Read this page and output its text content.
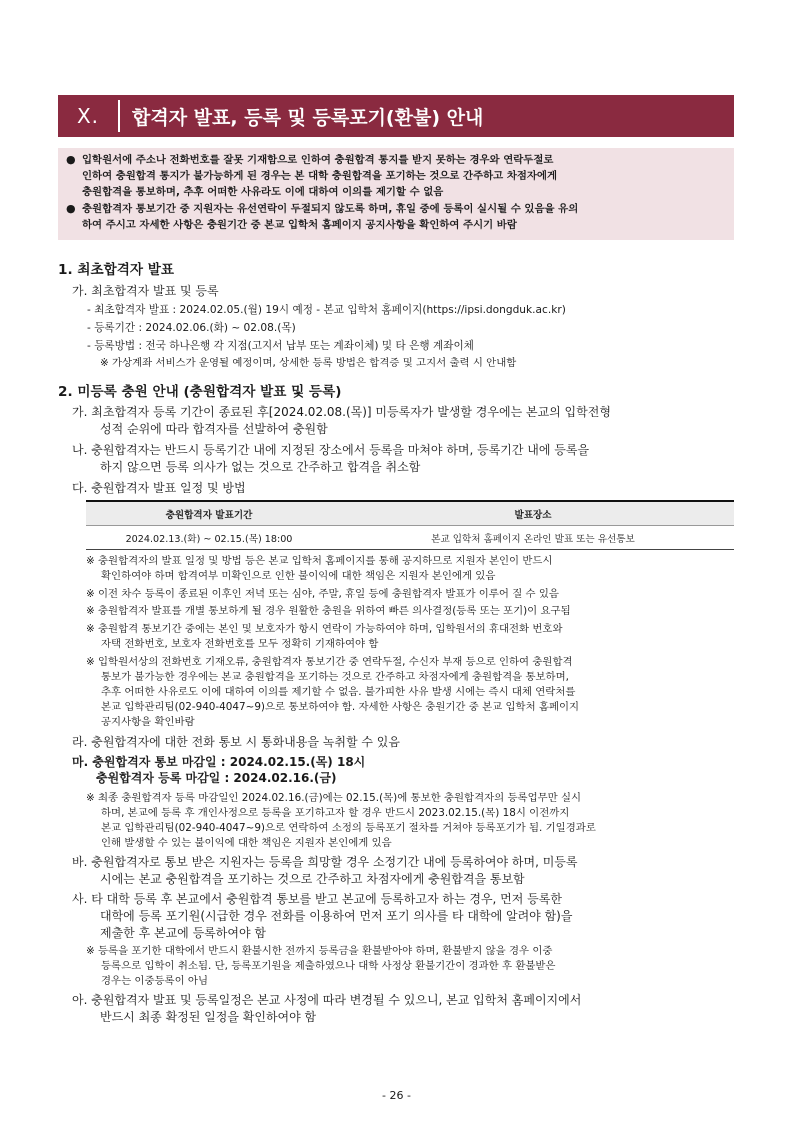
X.	합격자 발표, 등록 및 등록포기(환불) 안내
● 입학원서에 주소나 전화번호를 잘못 기재함으로 인하여 충원합격 통지를 받지 못하는 경우와 연락두절로
인하여 충원합격 통지가 불가능하게 된 경우는 본 대학 충원합격을 포기하는 것으로 간주하고 차점자에게
충원합격을 통보하며, 추후 어떠한 사유라도 이에 대하여 이의를 제기할 수 없음
● 충원합격자 통보기간 중 지원자는 유선연락이 두절되지 않도록 하며, 휴일 중에 등록이 실시될 수 있음을 유의
하여 주시고 자세한 사항은 충원기간 중 본교 입학처 홈페이지 공지사항을 확인하여 주시기 바람
1. 최초합격자 발표
가. 최초합격자 발표 및 등록
- 최초합격자 발표 : 2024.02.05.(월) 19시 예정 - 본교 입학처 홈페이지(https://ipsi.dongduk.ac.kr)
- 등록기간 : 2024.02.06.(화) ~ 02.08.(목)
- 등록방법 : 전국 하나은행 각 지점(고지서 납부 또는 계좌이체) 및 타 은행 계좌이체
※ 가상계좌 서비스가 운영될 예정이며, 상세한 등록 방법은 합격증 및 고지서 출력 시 안내함
2. 미등록 충원 안내 (충원합격자 발표 및 등록)
가. 최초합격자 등록 기간이 종료된 후[2024.02.08.(목)] 미등록자가 발생할 경우에는 본교의 입학전형
성적 순위에 따라 합격자를 선발하여 충원함
나. 충원합격자는 반드시 등록기간 내에 지정된 장소에서 등록을 마쳐야 하며, 등록기간 내에 등록을
하지 않으면 등록 의사가 없는 것으로 간주하고 합격을 취소함
다. 충원합격자 발표 일정 및 방법
충원합격자 발표기간	발표장소
2024.02.13.(화) ~ 02.15.(목) 18:00	본교 입학처 홈페이지 온라인 발표 또는 유선통보
※ 충원합격자의 발표 일정 및 방법 등은 본교 입학처 홈페이지를 통해 공지하므로 지원자 본인이 반드시
확인하여야 하며 합격여부 미확인으로 인한 불이익에 대한 책임은 지원자 본인에게 있음
※ 이전 차수 등록이 종료된 이후인 저녁 또는 심야, 주말, 휴일 등에 충원합격자 발표가 이루어 질 수 있음
※ 충원합격자 발표를 개별 통보하게 될 경우 원활한 충원을 위하여 빠른 의사결정(등록 또는 포기)이 요구됨
※ 충원합격 통보기간 중에는 본인 및 보호자가 항시 연락이 가능하여야 하며, 입학원서의 휴대전화 번호와
자택 전화번호, 보호자 전화번호를 모두 정확히 기재하여야 함
※ 입학원서상의 전화번호 기재오류, 충원합격자 통보기간 중 연락두절, 수신자 부재 등으로 인하여 충원합격
통보가 불가능한 경우에는 본교 충원합격을 포기하는 것으로 간주하고 차점자에게 충원합격을 통보하며,
추후 어떠한 사유로도 이에 대하여 이의를 제기할 수 없음. 불가피한 사유 발생 시에는 즉시 대체 연락처를
본교 입학관리팀(02-940-4047~9)으로 통보하여야 함. 자세한 사항은 충원기간 중 본교 입학처 홈페이지
공지사항을 확인바람
라. 충원합격자에 대한 전화 통보 시 통화내용을 녹취할 수 있음
마. 충원합격자 통보 마감일 : 2024.02.15.(목) 18시
충원합격자 등록 마감일 : 2024.02.16.(금)
※ 최종 충원합격자 등록 마감일인 2024.02.16.(금)에는 02.15.(목)에 통보한 충원합격자의 등록업무만 실시
하며, 본교에 등록 후 개인사정으로 등록을 포기하고자 할 경우 반드시 2023.02.15.(목) 18시 이전까지
본교 입학관리팀(02-940-4047~9)으로 연락하여 소정의 등록포기 절차를 거쳐야 등록포기가 됨. 기일경과로
인해 발생할 수 있는 불이익에 대한 책임은 지원자 본인에게 있음
바. 충원합격자로 통보 받은 지원자는 등록을 희망할 경우 소정기간 내에 등록하여야 하며, 미등록
시에는 본교 충원합격을 포기하는 것으로 간주하고 차점자에게 충원합격을 통보함
사. 타 대학 등록 후 본교에서 충원합격 통보를 받고 본교에 등록하고자 하는 경우, 먼저 등록한
대학에 등록 포기원(시급한 경우 전화를 이용하여 먼저 포기 의사를 타 대학에 알려야 함)을
제출한 후 본교에 등록하여야 함
※ 등록을 포기한 대학에서 반드시 환불시한 전까지 등록금을 환불받아야 하며, 환불받지 않을 경우 이중
등록으로 입학이 취소됨. 단, 등록포기원을 제출하였으나 대학 사정상 환불기간이 경과한 후 환불받은
경우는 이중등록이 아님
아. 충원합격자 발표 및 등록일정은 본교 사정에 따라 변경될 수 있으니, 본교 입학처 홈페이지에서
반드시 최종 확정된 일정을 확인하여야 함
- 26 -
